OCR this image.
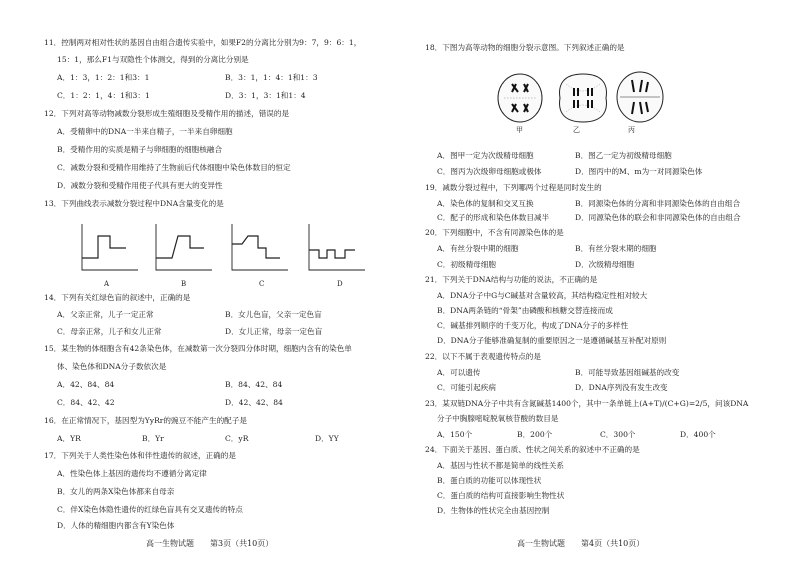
11．控制两对相对性状的基因自由组合遗传实验中，如果F2的分离比分别为9：7，9：6：1，
15：1，那么F1与双隐性个体测交，得到的分离比分别是
A．1：3，1：2：1和3：1	B．3：1，1：4：1和1：3
C．1：2：1，4：1和3：1	D．3：1，3：1和1：4
12．下列对高等动物减数分裂形成生殖细胞及受精作用的描述，错误的是
A．受精卵中的DNA一半来自精子，一半来自卵细胞
B．受精作用的实质是精子与卵细胞的细胞核融合
C．减数分裂和受精作用维持了生物前后代体细胞中染色体数目的恒定
D．减数分裂和受精作用使子代具有更大的变异性
13．下列曲线表示减数分裂过程中DNA含量变化的是
A	B	C	D
14．下列有关红绿色盲的叙述中，正确的是
A．父亲正常，儿子一定正常	B．女儿色盲，父亲一定色盲
C．母亲正常，儿子和女儿正常	D．女儿正常，母亲一定色盲
15．某生物的体细胞含有42条染色体，在减数第一次分裂四分体时期，细胞内含有的染色单
体、染色体和DNA分子数依次是
A．42、84、84	B．84、42、84
C．84、42、42	D．42、42、84
16．在正常情况下，基因型为YyRr的豌豆不能产生的配子是
A．YR	B．Yr	C．yR	D．YY
17．下列关于人类性染色体和伴性遗传的叙述，正确的是
A．性染色体上基因的遗传均不遵循分离定律
B．女儿的两条X染色体都来自母亲
C．伴X染色体隐性遗传的红绿色盲具有交叉遗传的特点
D．人体的精细胞内都含有Y染色体
高一生物试题　　第3页（共10页）
18．下图为高等动物的细胞分裂示意图。下列叙述正确的是
甲	乙	丙
A．图甲一定为次级精母细胞	B．图乙一定为初级精母细胞
C．图丙为次级卵母细胞或极体	D．图丙中的M、m为一对同源染色体
19．减数分裂过程中，下列哪两个过程是同时发生的
A．染色体的复制和交叉互换	B．同源染色体的分离和非同源染色体的自由组合
C．配子的形成和染色体数目减半	D．同源染色体的联会和非同源染色体的自由组合
20．下列细胞中，不含有同源染色体的是
A．有丝分裂中期的细胞	B．有丝分裂末期的细胞
C．初级精母细胞	D．次级精母细胞
21．下列关于DNA结构与功能的说法，不正确的是
A．DNA分子中G与C碱基对含量较高，其结构稳定性相对较大
B．DNA两条链的“骨架”由磷酸和核糖交替连接而成
C．碱基排列顺序的千变万化，构成了DNA分子的多样性
D．DNA分子能够准确复制的重要原因之一是遵循碱基互补配对原则
22．以下不属于表观遗传特点的是
A．可以遗传	B．可能导致基因组碱基的改变
C．可能引起疾病	D．DNA序列没有发生改变
23．某双链DNA分子中共有含氮碱基1400个，其中一条单链上(A+T)/(C+G)=2/5，问该DNA
分子中胸腺嘧啶脱氧核苷酸的数目是
A．150个	B．200个	C．300个	D．400个
24．下面关于基因、蛋白质、性状之间关系的叙述中不正确的是
A．基因与性状不都是简单的线性关系
B．蛋白质的功能可以体现性状
C．蛋白质的结构可直接影响生物性状
D．生物体的性状完全由基因控制
高一生物试题　　第4页（共10页）
